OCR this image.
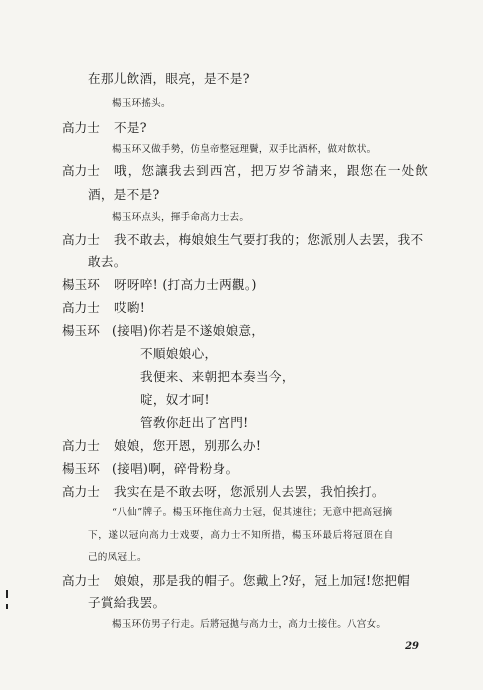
在那儿飲酒，眼亮，是不是?
楊玉环搖头。
高力士 不是?
楊玉环又做手勢，仿皇帝整冠理鬢，双手比酒杯，做对飲状。
高力士 哦，您讓我去到西宮，把万岁爷請来，跟您在一处飲
酒，是不是?
楊玉环点头，揮手命高力士去。
高力士 我不敢去，梅娘娘生气要打我的；您派別人去罢，我不
敢去。
楊玉环 呀呀啐! (打高力士两觀。)
高力士 哎喲!
楊玉环 (接唱)你若是不遂娘娘意，
不順娘娘心，
我便来、来朝把本奏当今，
啶，奴才呵!
管敎你赶出了宮門!
高力士 娘娘，您开恩，别那么办!
楊玉环 (接唱)啊，碎骨粉身。
高力士 我实在是不敢去呀，您派别人去罢，我怕挨打。
“八仙”牌子。楊玉环拖住高力士冠，促其速往；无意中把高冠摘
下，遂以冠向高力士戏要，高力士不知所措，楊玉环最后将冠頂在自
己的凤冠上。
高力士 娘娘，那是我的帽子。您戴上?好，冠上加冠!您把帽
子賞給我罢。
楊玉环仿男子行走。后將冠拋与高力士，高力士接住。八宫女。
29
